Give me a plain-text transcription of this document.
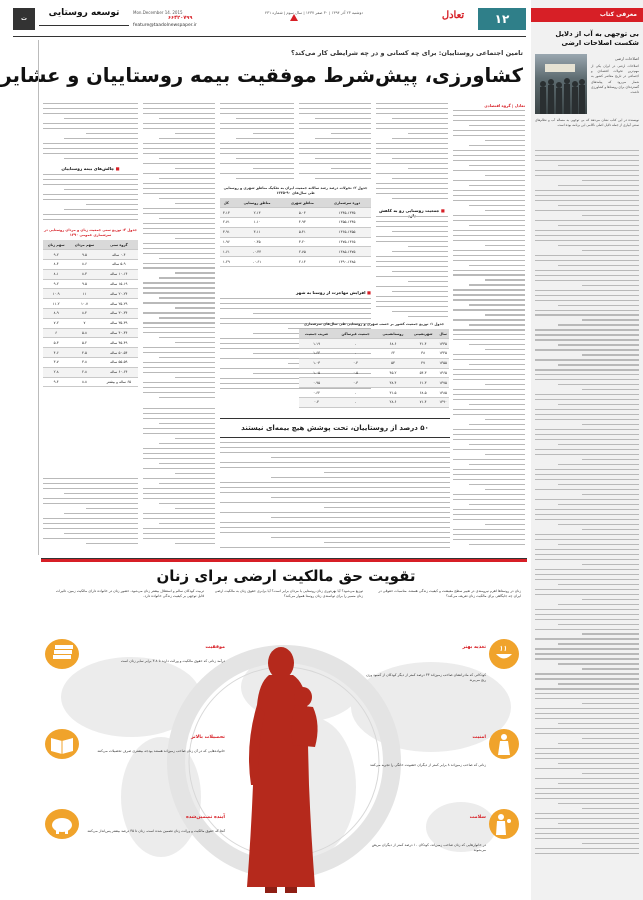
ت
توسعه روستایی
feature@taadolnewspaper.ir
۶۶۴۲۰۷۹۹
Mon.December 14. 2015	دوشنبه ۲۳ آذر ۱۳۹۴ | ۳۰ صفر ۱۴۳۷ | سال سوم | شماره ۴۳۱	تعادل	۱۲	معرفی کتاب
بی توجهی به آب از دلایل شکست اصلاحات ارضی
اصلاحات ارضی
اصلاحات ارضی در ایران یکی از مهم‌ترین تحولات اقتصادی و اجتماعی در تاریخ معاصر کشور به شمار می‌رود که پیامدهای گسترده‌ای برای روستاها و کشاورزی داشت.
نویسنده در این کتاب نشان می‌دهد که بی توجهی به مساله آب و نظام‌های سنتی آبیاری از جمله دلایل اصلی ناکامی این برنامه بوده است.
تامین اجتماعی روستاییان: برای چه کسانی و در چه شرایطی کار می‌کند؟
کشاورزی، پیش‌شرط موفقیت بیمه روستاییان و عشایر
تعادل | گروه اقتصادی
■ جمعیت روستایی رو به کاهش
جدول ۲: تحولات درصد رشد سالانه جمعیت ایران به تفکیک مناطق شهری و روستایی طی سال‌های ۹۰-۱۳۳۵
دوره سرشماری	مناطق شهری	مناطق روستایی	کل
۱۳۴۵-۱۳۳۵	۵.۰۴	۲.۱۳	۳.۱۳
۱۳۵۵-۱۳۴۵	۴.۹۳	۱.۱۰	۲.۷۱
۱۳۶۵-۱۳۵۵	۵.۴۱	۳.۱۱	۳.۹۱
۱۳۷۵-۱۳۶۵	۳.۲۰	۰.۳۵	۱.۹۶
۱۳۸۵-۱۳۷۵	۲.۷۵	۰.۴۴-	۱.۶۱
۱۳۹۰-۱۳۸۵	۲.۱۴	۰.۶۱-	۱.۲۹
■ افزایش مهاجرت از روستا به شهر
جدول ۱: توزیع جمعیت کشور بر حسب شهری و روستایی طی سال‌های سرشماری
سال	شهرنشینی	روستانشینی	جمعیت غیرساکن	ضریب جمعیت
۱۳۳۵	۳۱.۴	۶۸.۶	-	۱.۱۹
۱۳۴۵	۳۸	۶۲	-	۱.۶۳
۱۳۵۵	۴۷	۵۳	۰.۴	۱.۰۳
۱۳۶۵	۵۴.۳	۴۵.۲	۰.۵	۱.۰۵
۱۳۷۵	۶۱.۳	۳۸.۴	۰.۳	۰.۹۵
۱۳۸۵	۶۸.۵	۳۱.۵	-	۰.۶۲
۱۳۹۰	۷۱.۴	۲۸.۶	-	۰.۴
۵۰ درصد از روستاییان، تحت پوشش هیچ بیمه‌ای نیستند
■ چالش‌های بیمه روستاییان
جدول ۳: توزیع سنی جمعیت زنان و مردان روستایی در سرشماری عمومی ۱۳۹۰
گروه سنی	سهم مردان	سهم زنان
۰-۴ ساله	۹.۵	۹.۲
۵-۹ ساله	۸.۶	۸.۴
۱۰-۱۴ ساله	۸.۳	۸.۱
۱۵-۱۹ ساله	۹.۵	۹.۲
۲۰-۲۴ ساله	۱۱	۱۰.۹
۲۵-۲۹ ساله	۱۰.۷	۱۱.۲
۳۰-۳۴ ساله	۸.۴	۸.۹
۳۵-۳۹ ساله	۷	۷.۲
۴۰-۴۴ ساله	۵.۸	۶
۴۵-۴۹ ساله	۵.۲	۵.۳
۵۰-۵۴ ساله	۴.۵	۴.۶
۵۵-۵۹ ساله	۳.۸	۳.۷
۶۰-۶۴ ساله	۲.۸	۲.۸
۶۵ ساله و بیشتر	۸.۸	۹.۴
تقویت حق مالکیت ارضی برای زنان
زنان در روستاها اهرم نیرومندی در تغییر سطح معیشت و کیفیت زندگی هستند. مناسبات حقوقی در ایران چه جایگاهی برای مالکیت زنان تعریف می‌کند؟
توزیع می‌شود؟ آیا بهره‌وری زنان روستایی با مردان برابر است؟ آیا برابری حقوق زنان به مالکیت ارضی زنان مسیر را برای توانمندی زنان روستا هموار می‌کند؟
تربیت کودکان سالم و استقلال بیشتر زنان می‌شود. حضور زنان در خانواده دارای مالکیت زمین، تاثیرات قابل توجهی بر کیفیت زندگی خانواده دارد.
تغذیه بهتر
کودکانی که مادرانشان صاحب زمین‌اند ۳۳ درصد کمتر از دیگر کودکان از کمبود وزن رنج می‌برند
امنیت
زنانی که صاحب زمین‌اند ۸ برابر کمتر از دیگران خشونت خانگی را تجربه می‌کنند
سلامت
در خانوارهایی که زنان صاحب زمین‌اند، کودکان ۱۰ درصد کمتر از دیگران مریض می‌شوند
موفقیت
درآمد زنانی که حقوق مالکیت و وراثت دارند تا ۳.۸ برابر سایر زنان است
تحصیلات بالاتر
خانواده‌هایی که در آن زنان صاحب زمین‌اند هستند بودجه بیشتری صرف تحصیلات می‌کنند
آینده تضمین‌شده
آنجا که حقوق مالکیت و وراثت زنان تضمین شده است، زنان تا ۳۵ درصد بیشتر پس‌انداز می‌کنند
